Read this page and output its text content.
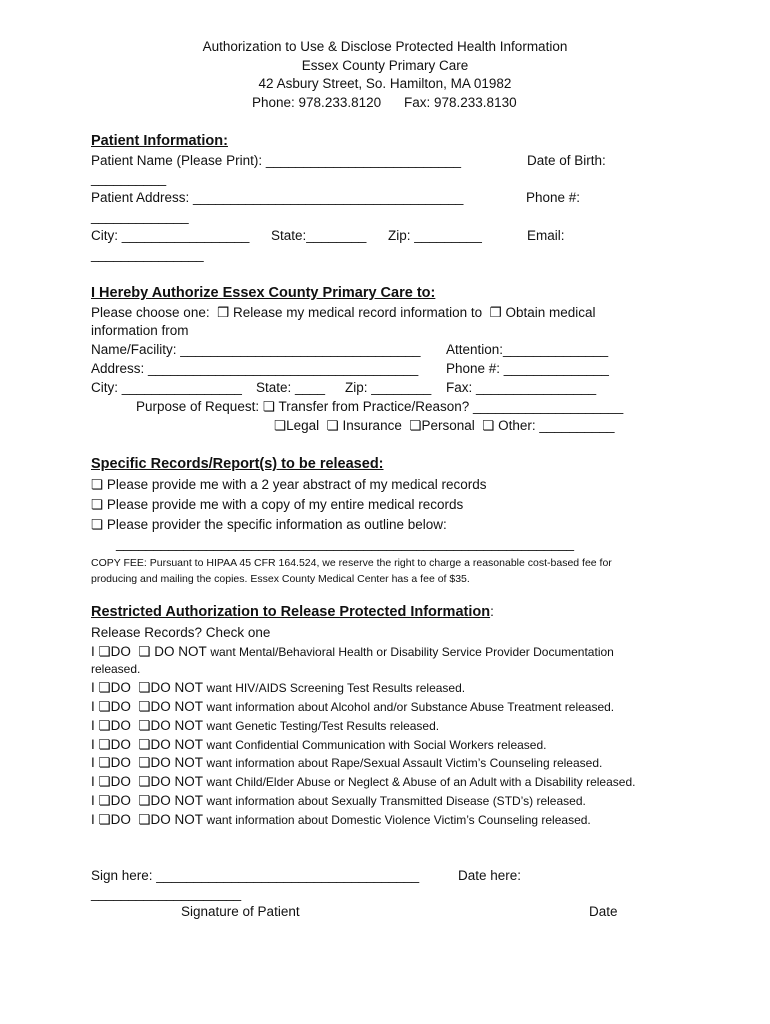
Authorization to Use & Disclose Protected Health Information
Essex County Primary Care
42 Asbury Street, So. Hamilton, MA 01982
Phone: 978.233.8120 Fax: 978.233.8130
Patient Information:
Patient Name (Please Print): __________________________	Date of Birth:
__________
Patient Address: ____________________________________	Phone #:
_____________
City: _________________ State:________ Zip: _________	Email:
_______________
I Hereby Authorize Essex County Primary Care to:
Please choose one:  ❒ Release my medical record information to  ❒ Obtain medical
information from
Name/Facility: ________________________________ Attention:______________
Address: ____________________________________ Phone #: ______________
City: ________________ State: ____ Zip: ________ Fax: ________________
Purpose of Request: ❏ Transfer from Practice/Reason? ____________________
❏Legal  ❏ Insurance  ❏Personal  ❏ Other: __________
Specific Records/Report(s) to be released:
❏ Please provide me with a 2 year abstract of my medical records
❏ Please provide me with a copy of my entire medical records
❏ Please provider the specific information as outline below:
_____________________________________________________________
COPY FEE: Pursuant to HIPAA 45 CFR 164.524, we reserve the right to charge a reasonable cost-based fee for
producing and mailing the copies. Essex County Medical Center has a fee of $35.
Restricted Authorization to Release Protected Information:
Release Records? Check one
I ❏DO ❏ DO NOT want Mental/Behavioral Health or Disability Service Provider Documentation
released.
I ❏DO ❏DO NOT want HIV/AIDS Screening Test Results released.
I ❏DO ❏DO NOT want information about Alcohol and/or Substance Abuse Treatment released.
I ❏DO ❏DO NOT want Genetic Testing/Test Results released.
I ❏DO ❏DO NOT want Confidential Communication with Social Workers released.
I ❏DO ❏DO NOT want information about Rape/Sexual Assault Victim’s Counseling released.
I ❏DO ❏DO NOT want Child/Elder Abuse or Neglect & Abuse of an Adult with a Disability released.
I ❏DO ❏DO NOT want information about Sexually Transmitted Disease (STD’s) released.
I ❏DO ❏DO NOT want information about Domestic Violence Victim’s Counseling released.
Sign here: ___________________________________	Date here:
____________________
Signature of Patient	Date
